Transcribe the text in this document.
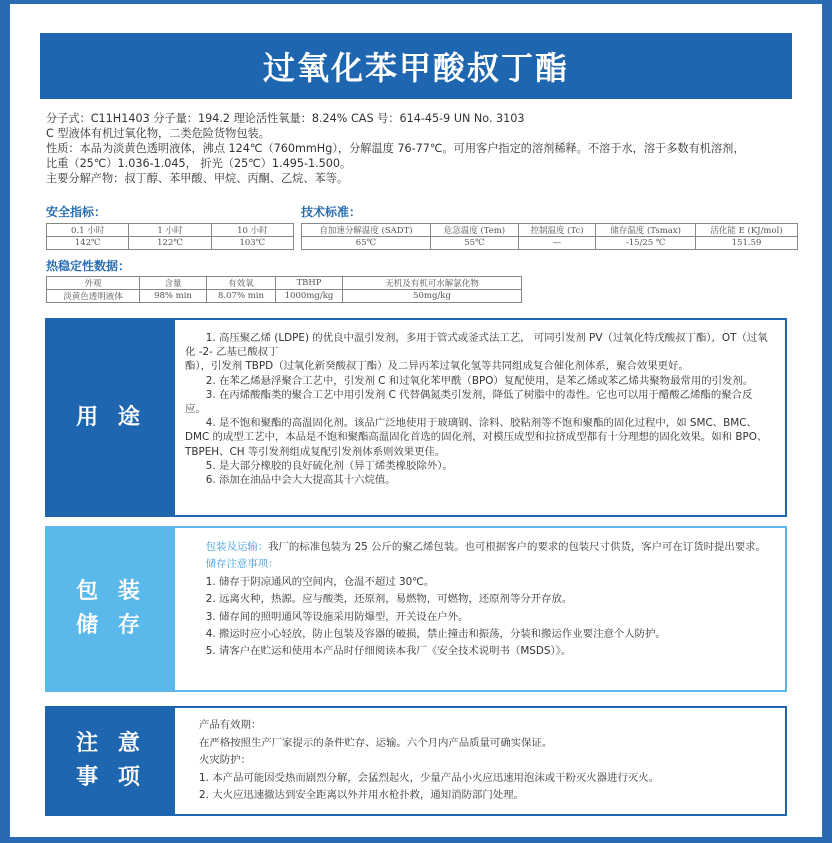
过氧化苯甲酸叔丁酯

分子式：C11H1403 分子量：194.2 理论活性氧量：8.24% CAS 号：614-45-9 UN No. 3103

C 型液体有机过氧化物，二类危险货物包装。

性质：本品为淡黄色透明液体，沸点 124℃（760mmHg），分解温度 76-77℃。可用客户指定的溶剂稀释。不溶于水，溶于多数有机溶剂，

比重（25℃）1.036-1.045， 折光（25℃）1.495-1.500。

主要分解产物：叔丁醇、苯甲酸、甲烷、丙酮、乙烷、苯等。

安全指标：
0.1 小时	1 小时	10 小时
142℃	122℃	103℃
技术标准：
自加速分解温度 (SADT)	危急温度 (Tem)	控制温度 (Tc)	储存温度 (Tsmax)	活化能 E (KJ/mol)
65℃	55℃	—	-15/25 ℃	151.59
热稳定性数据：
外观	含量	有效氧	TBHP	无机及有机可水解氯化物
淡黄色透明液体	98% min	8.07% min	1000mg/kg	50mg/kg
用 途

1. 高压聚乙烯 (LDPE) 的优良中温引发剂，多用于管式或釜式法工艺， 可同引发剂 PV（过氧化特戊酸叔丁酯），OT（过氧化 -2- 乙基已酸叔丁

酯），引发剂 TBPD（过氧化新癸酸叔丁酯）及二异丙苯过氧化氢等共同组成复合催化剂体系，聚合效果更好。

2. 在苯乙烯悬浮聚合工艺中，引发剂 C 和过氧化苯甲酰（BPO）复配使用，是苯乙烯或苯乙烯共聚物最常用的引发剂。

3. 在丙烯酸酯类的聚合工艺中用引发剂 C 代替偶氮类引发剂，降低了树脂中的毒性。它也可以用于醋酸乙烯酯的聚合反应。

4. 是不饱和聚酯的高温固化剂。该品广泛地使用于玻璃钢、涂料、胶粘剂等不饱和聚酯的固化过程中，如 SMC、BMC、DMC 的成型工艺中，本品是不饱和聚酯高温固化首选的固化剂，对模压成型和拉挤成型都有十分理想的固化效果。如和 BPO、TBPEH、CH 等引发剂组成复配引发剂体系则效果更佳。

5. 是大部分橡胶的良好硫化剂（异丁烯类橡胶除外）。

6. 添加在油品中会大大提高其十六烷值。

包 装
储 存

包装及运输：我厂的标准包装为 25 公斤的聚乙烯包装。也可根据客户的要求的包装尺寸供货，客户可在订货时提出要求。

储存注意事项：

1. 储存于阴凉通风的空间内，仓温不超过 30℃。

2. 远离火种，热源。应与酸类，还原剂，易燃物，可燃物，还原剂等分开存放。

3. 储存间的照明通风等设施采用防爆型，开关设在户外。

4. 搬运时应小心轻放，防止包装及容器的破损，禁止撞击和振荡，分装和搬运作业要注意个人防护。

5. 请客户在贮运和使用本产品时仔细阅读本我厂《安全技术说明书（MSDS）》。

注 意
事 项

产品有效期：

在严格按照生产厂家提示的条件贮存、运输。六个月内产品质量可确实保证。

火灾防护：

1. 本产品可能因受热而剧烈分解，会猛烈起火，少量产品小火应迅速用泡沫或干粉灭火器进行灭火。

2. 大火应迅速撤达到安全距离以外并用水枪扑救，通知消防部门处理。
